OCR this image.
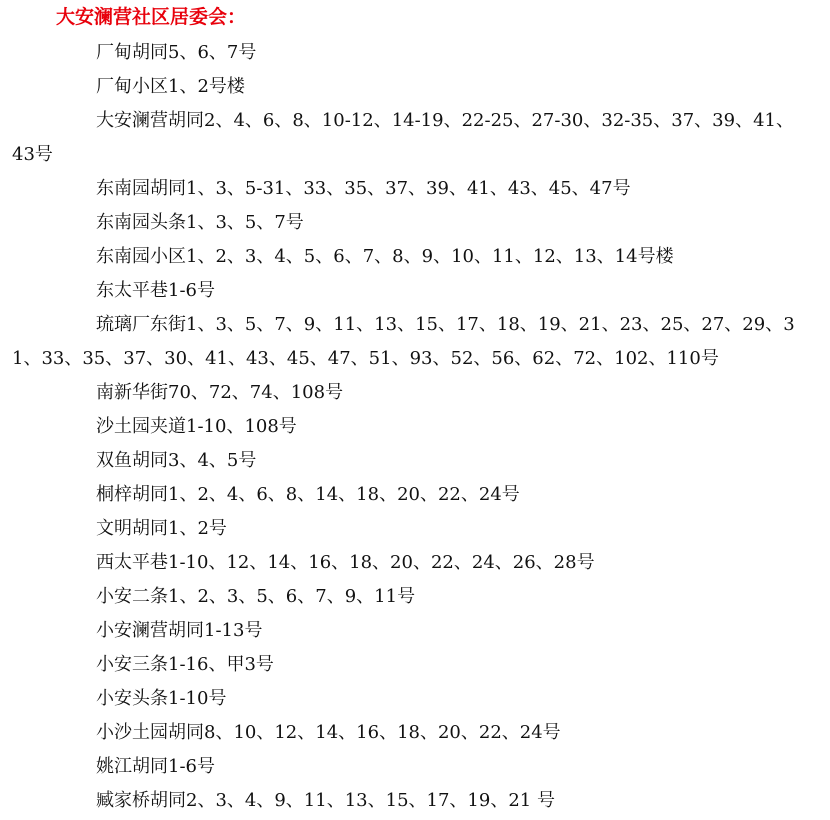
大安澜营社区居委会：
厂甸胡同5、6、7号
厂甸小区1、2号楼
大安澜营胡同2、4、6、8、10-12、14-19、22-25、27-30、32-35、37、39、41、43号
东南园胡同1、3、5-31、33、35、37、39、41、43、45、47号
东南园头条1、3、5、7号
东南园小区1、2、3、4、5、6、7、8、9、10、11、12、13、14号楼
东太平巷1-6号
琉璃厂东街1、3、5、7、9、11、13、15、17、18、19、21、23、25、27、29、31、33、35、37、30、41、43、45、47、51、93、52、56、62、72、102、110号
南新华街70、72、74、108号
沙土园夹道1-10、108号
双鱼胡同3、4、5号
桐梓胡同1、2、4、6、8、14、18、20、22、24号
文明胡同1、2号
西太平巷1-10、12、14、16、18、20、22、24、26、28号
小安二条1、2、3、5、6、7、9、11号
小安澜营胡同1-13号
小安三条1-16、甲3号
小安头条1-10号
小沙土园胡同8、10、12、14、16、18、20、22、24号
姚江胡同1-6号
臧家桥胡同2、3、4、9、11、13、15、17、19、21 号
